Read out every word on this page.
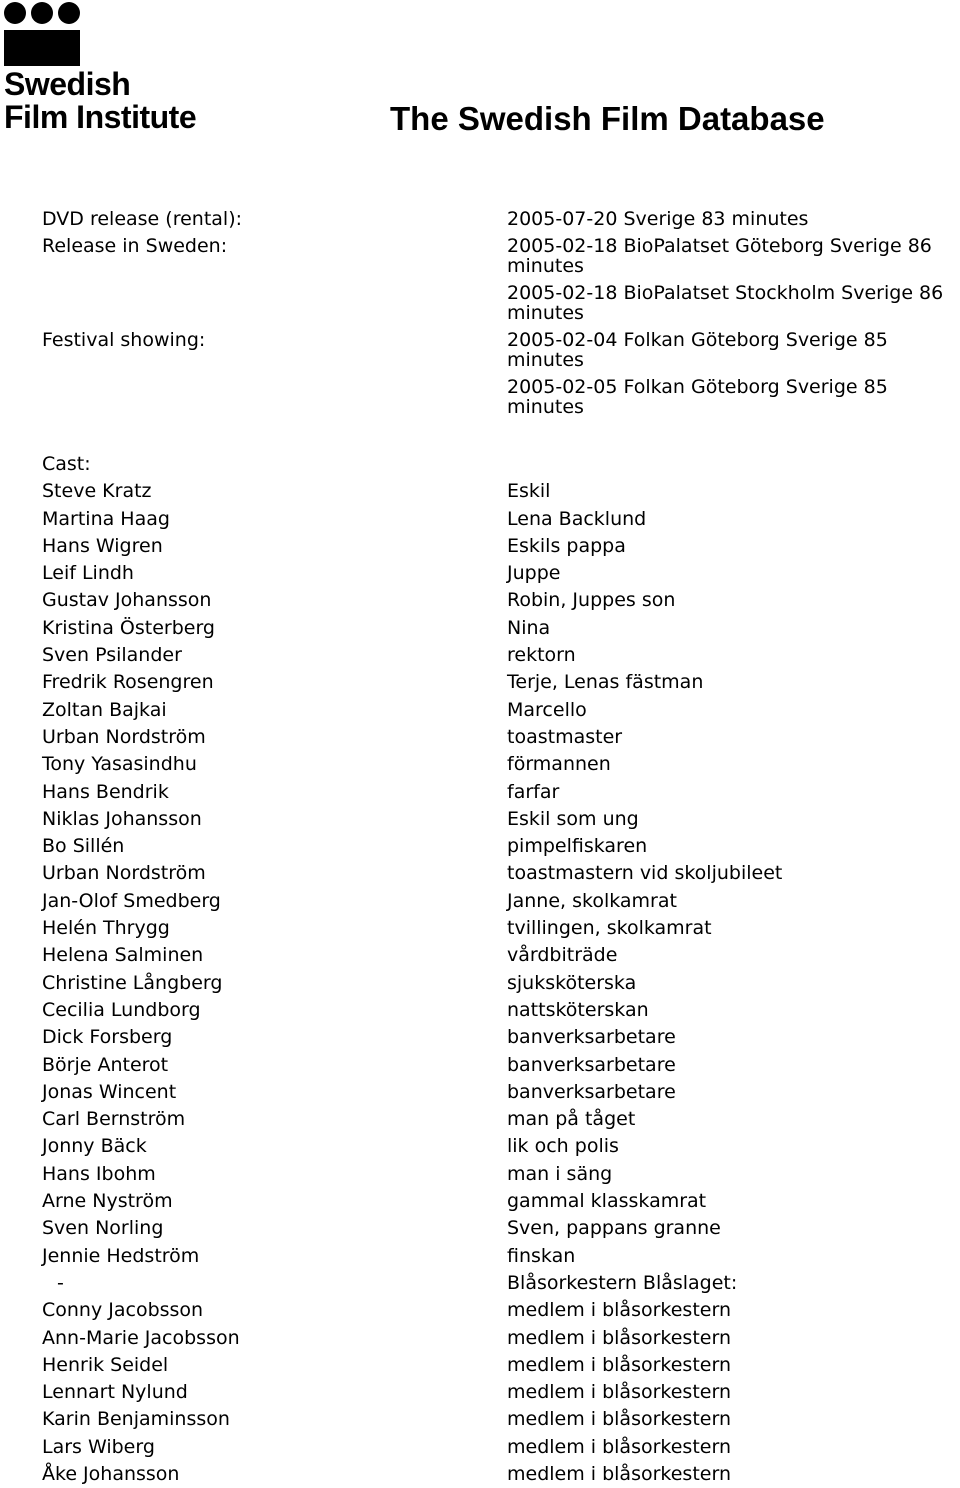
Swedish
Film Institute	The Swedish Film Database
DVD release (rental):	2005-07-20 Sverige 83 minutes
Release in Sweden:	2005-02-18 BioPalatset Göteborg Sverige 86 minutes
2005-02-18 BioPalatset Stockholm Sverige 86 minutes
Festival showing:	2005-02-04 Folkan Göteborg Sverige 85 minutes
2005-02-05 Folkan Göteborg Sverige 85 minutes
Cast:
Steve Kratz	Eskil
Martina Haag	Lena Backlund
Hans Wigren	Eskils pappa
Leif Lindh	Juppe
Gustav Johansson	Robin, Juppes son
Kristina Österberg	Nina
Sven Psilander	rektorn
Fredrik Rosengren	Terje, Lenas fästman
Zoltan Bajkai	Marcello
Urban Nordström	toastmaster
Tony Yasasindhu	förmannen
Hans Bendrik	farfar
Niklas Johansson	Eskil som ung
Bo Sillén	pimpelfiskaren
Urban Nordström	toastmastern vid skoljubileet
Jan-Olof Smedberg	Janne, skolkamrat
Helén Thrygg	tvillingen, skolkamrat
Helena Salminen	vårdbiträde
Christine Långberg	sjuksköterska
Cecilia Lundborg	nattsköterskan
Dick Forsberg	banverksarbetare
Börje Anterot	banverksarbetare
Jonas Wincent	banverksarbetare
Carl Bernström	man på tåget
Jonny Bäck	lik och polis
Hans Ibohm	man i säng
Arne Nyström	gammal klasskamrat
Sven Norling	Sven, pappans granne
Jennie Hedström	finskan
-	Blåsorkestern Blåslaget:
Conny Jacobsson	medlem i blåsorkestern
Ann-Marie Jacobsson	medlem i blåsorkestern
Henrik Seidel	medlem i blåsorkestern
Lennart Nylund	medlem i blåsorkestern
Karin Benjaminsson	medlem i blåsorkestern
Lars Wiberg	medlem i blåsorkestern
Åke Johansson	medlem i blåsorkestern
